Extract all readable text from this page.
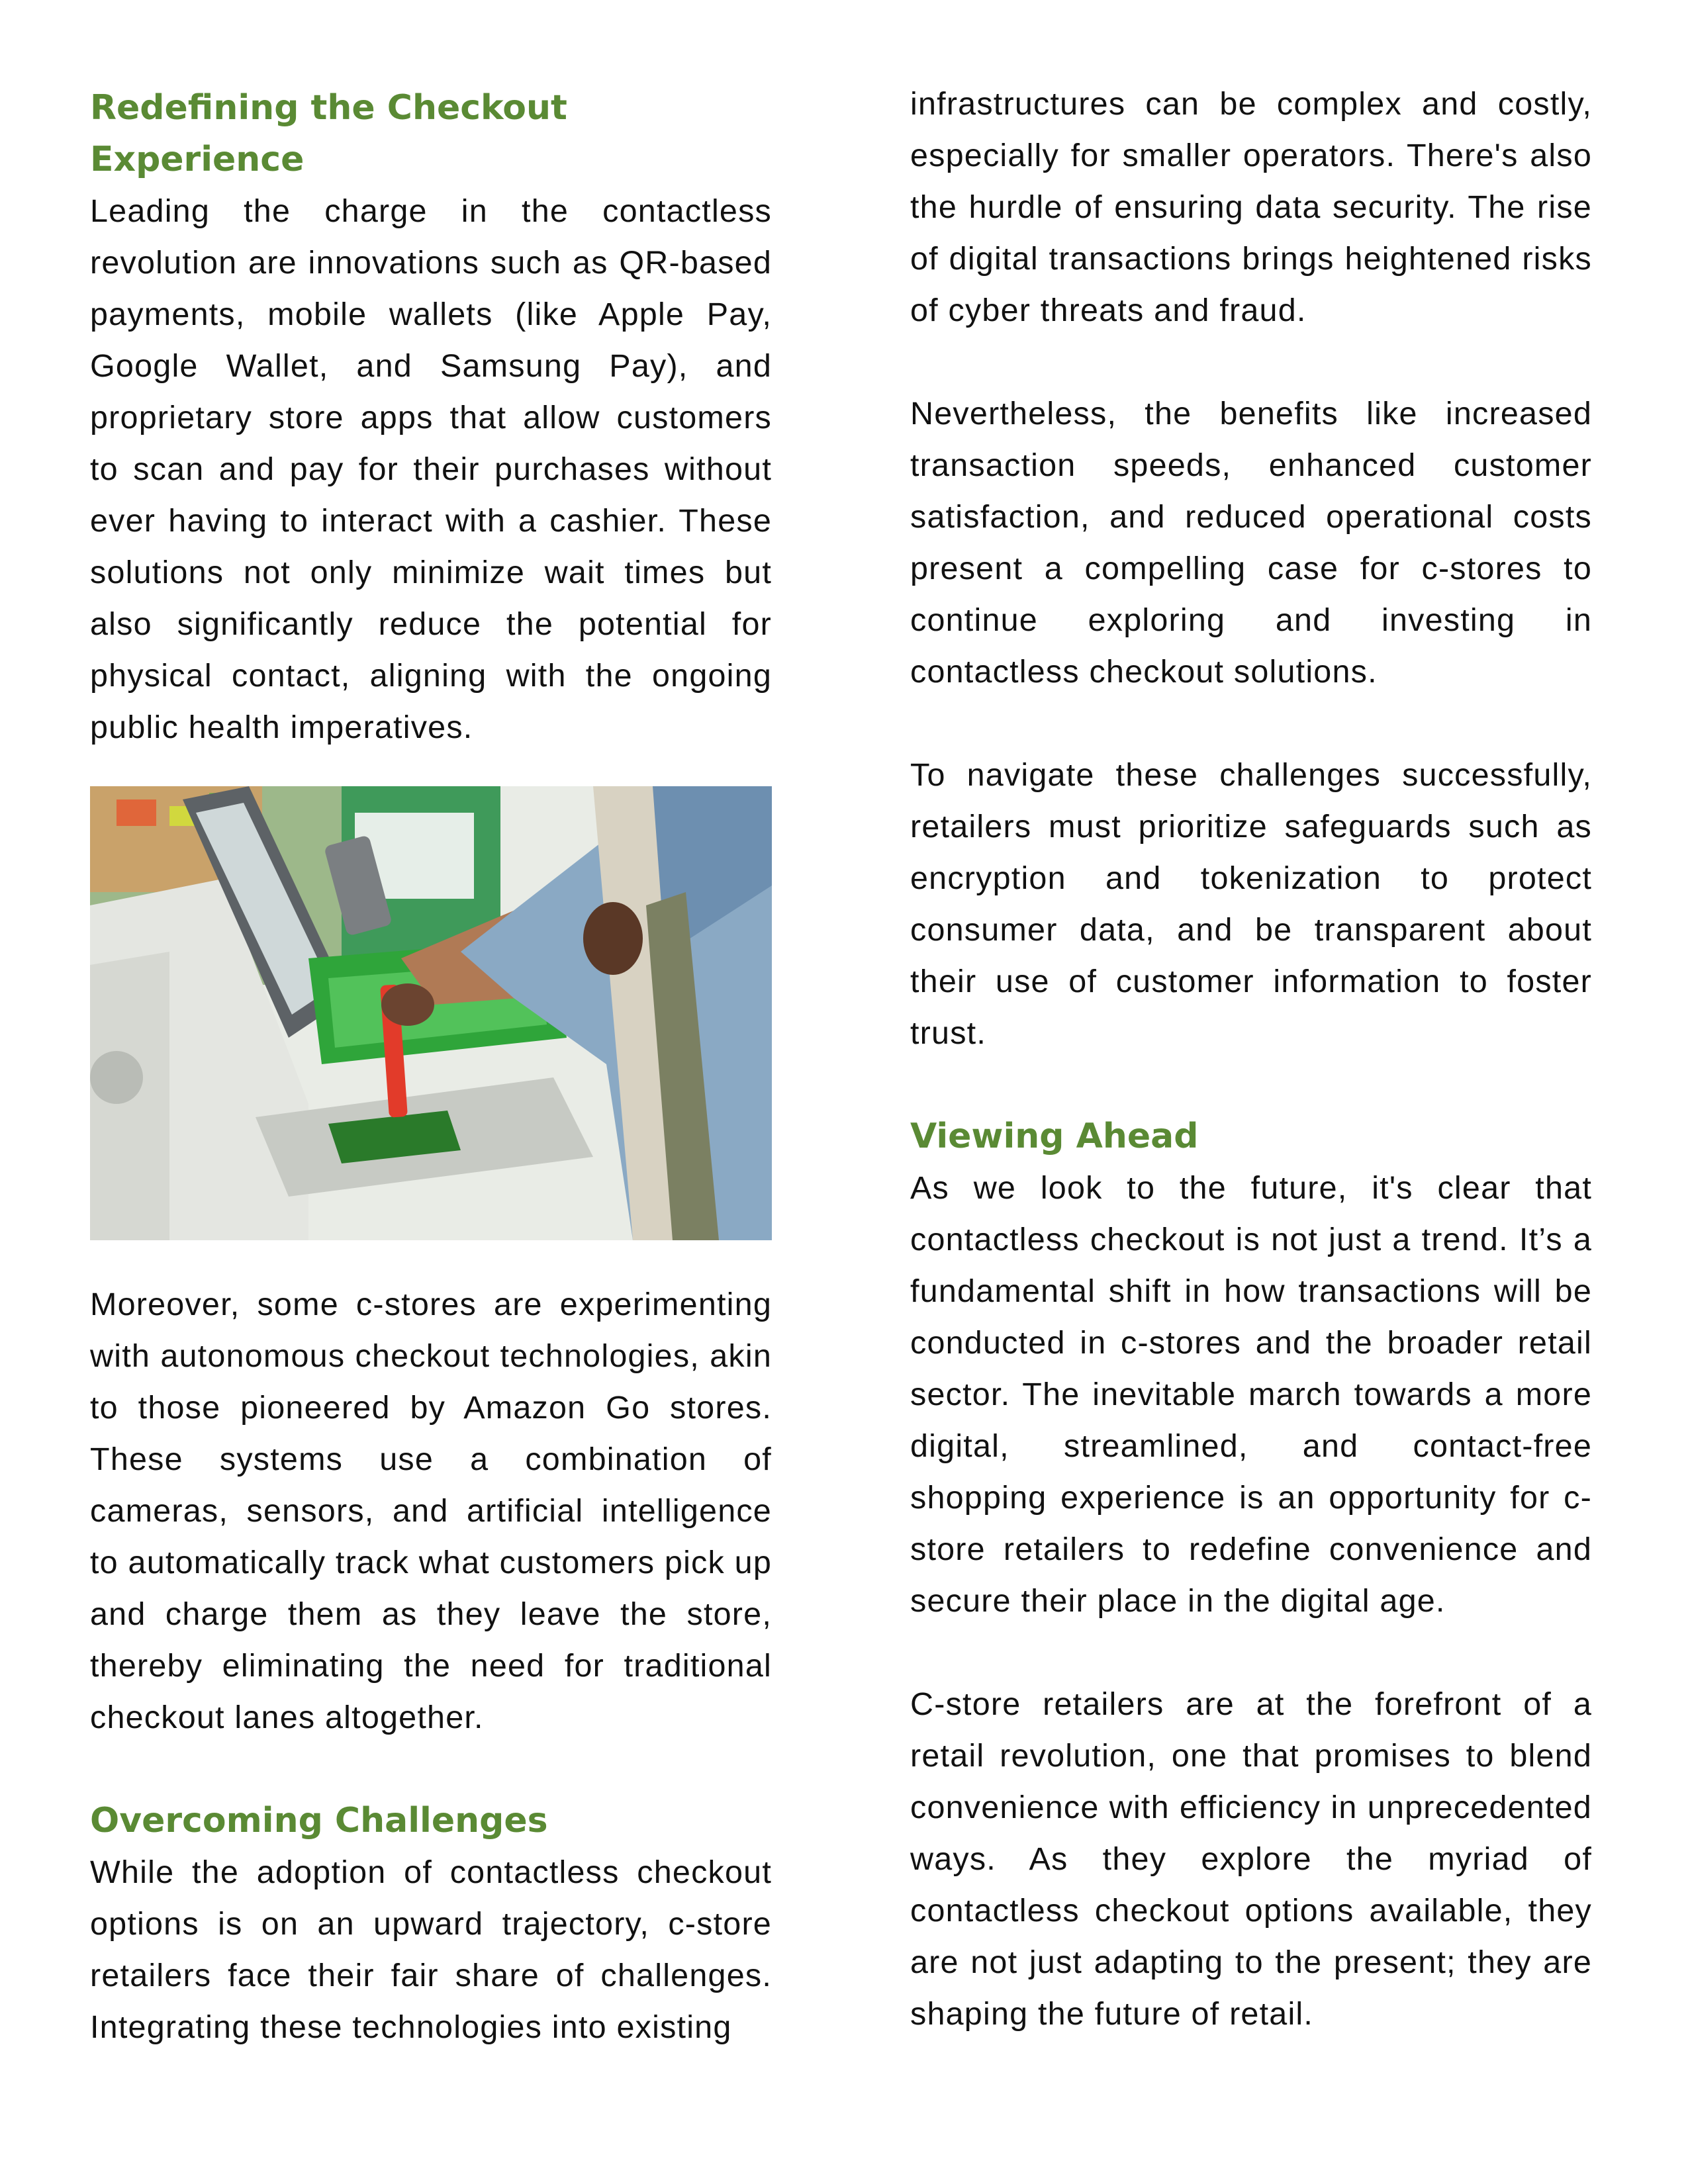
Redefining the Checkout Experience

Leading the charge in the contactless revolution are innovations such as QR-based payments, mobile wallets (like Apple Pay, Google Wallet, and Samsung Pay), and proprietary store apps that allow customers to scan and pay for their purchases without ever having to interact with a cashier. These solutions not only minimize wait times but also significantly reduce the potential for physical contact, aligning with the ongoing public health imperatives.

Moreover, some c-stores are experimenting with autonomous checkout technologies, akin to those pioneered by Amazon Go stores. These systems use a combination of cameras, sensors, and artificial intelligence to automatically track what customers pick up and charge them as they leave the store, thereby eliminating the need for traditional checkout lanes altogether.

Overcoming Challenges

While the adoption of contactless checkout options is on an upward trajectory, c-store retailers face their fair share of challenges. Integrating these technologies into existing

infrastructures can be complex and costly, especially for smaller operators. There's also the hurdle of ensuring data security. The rise of digital transactions brings heightened risks of cyber threats and fraud.

Nevertheless, the benefits like increased transaction speeds, enhanced customer satisfaction, and reduced operational costs present a compelling case for c-stores to continue exploring and investing in contactless checkout solutions.

To navigate these challenges successfully, retailers must prioritize safeguards such as encryption and tokenization to protect consumer data, and be transparent about their use of customer information to foster trust.

Viewing Ahead

As we look to the future, it's clear that contactless checkout is not just a trend. It’s a fundamental shift in how transactions will be conducted in c-stores and the broader retail sector. The inevitable march towards a more digital, streamlined, and contact-free shopping experience is an opportunity for c-store retailers to redefine convenience and secure their place in the digital age.

C-store retailers are at the forefront of a retail revolution, one that promises to blend convenience with efficiency in unprecedented ways. As they explore the myriad of contactless checkout options available, they are not just adapting to the present; they are shaping the future of retail.
